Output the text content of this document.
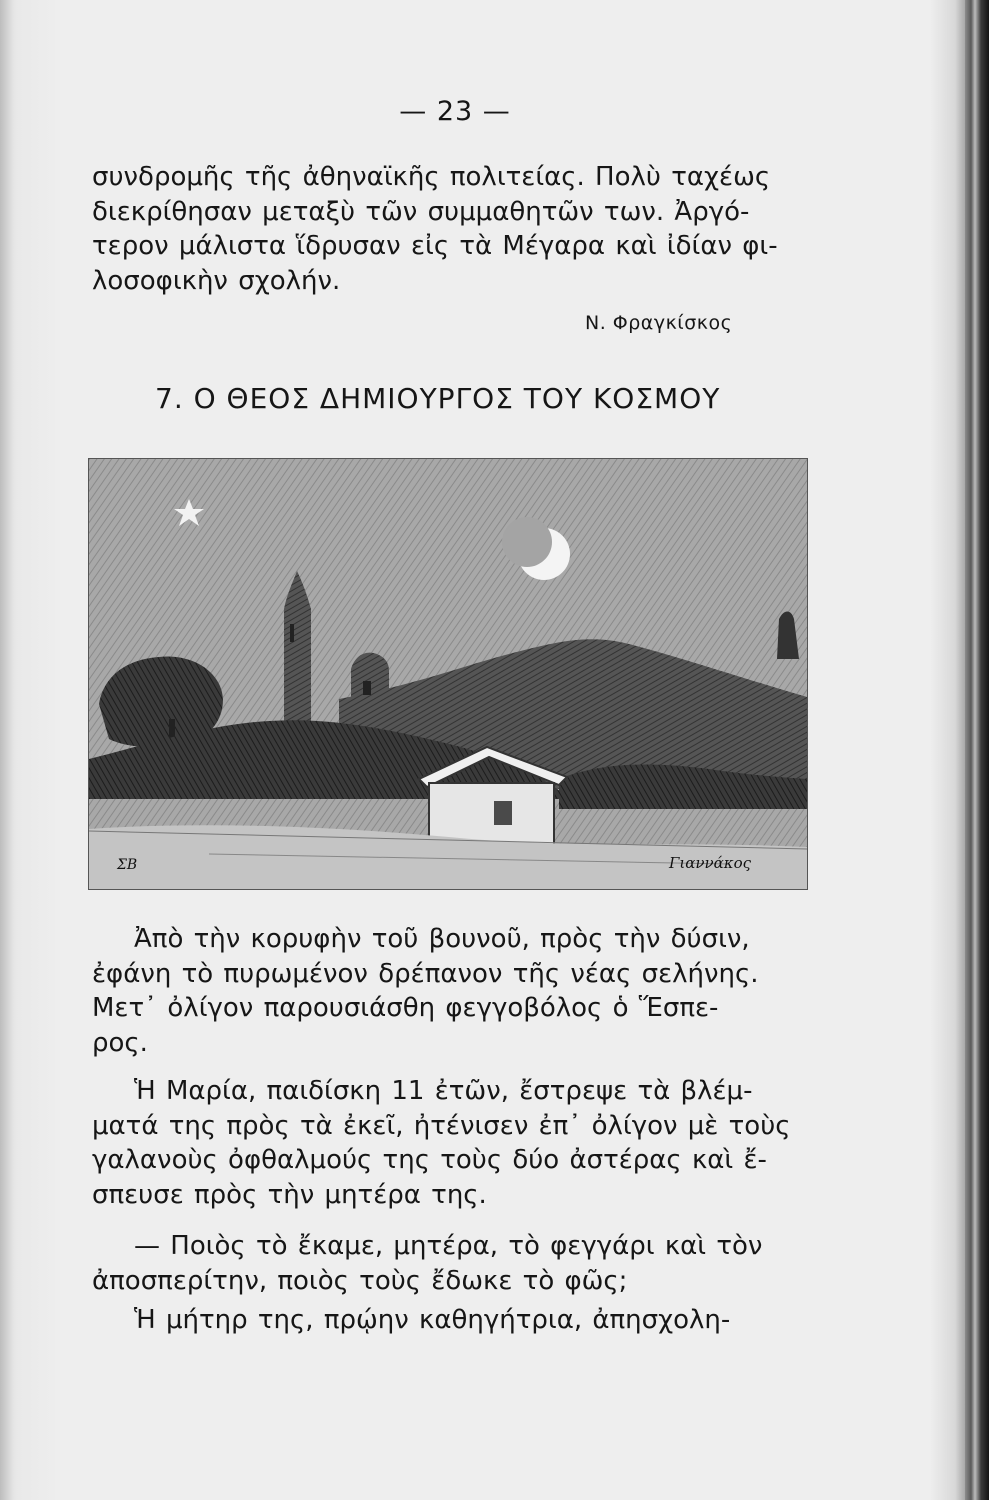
— 23 —
συνδρομῆς τῆς ἀθηναϊκῆς πολιτείας. Πολὺ ταχέως
διεκρίθησαν μεταξὺ τῶν συμμαθητῶν των. Ἀργό-
τερον μάλιστα ἵδρυσαν εἰς τὰ Μέγαρα καὶ ἰδίαν φι-
λοσοφικὴν σχολήν.
Ν. Φραγκίσκος
7. Ο ΘΕΟΣ ΔΗΜΙΟΥΡΓΟΣ ΤΟΥ ΚΟΣΜΟΥ
ΣΒ	Γιαννάκος
Ἀπὸ τὴν κορυφὴν τοῦ βουνοῦ, πρὸς τὴν δύσιν,
ἐφάνη τὸ πυρωμένον δρέπανον τῆς νέας σελήνης.
Μετ᾽ ὀλίγον παρουσιάσθη φεγγοβόλος ὁ Ἕσπε-
ρος.
Ἡ Μαρία, παιδίσκη 11 ἐτῶν, ἔστρεψε τὰ βλέμ-
ματά της πρὸς τὰ ἐκεῖ, ἠτένισεν ἐπ᾽ ὀλίγον μὲ τοὺς
γαλανοὺς ὀφθαλμούς της τοὺς δύο ἀστέρας καὶ ἔ-
σπευσε πρὸς τὴν μητέρα της.
— Ποιὸς τὸ ἔκαμε, μητέρα, τὸ φεγγάρι καὶ τὸν
ἀποσπερίτην, ποιὸς τοὺς ἔδωκε τὸ φῶς;
Ἡ μήτηρ της, πρῴην καθηγήτρια, ἀπησχολη-
